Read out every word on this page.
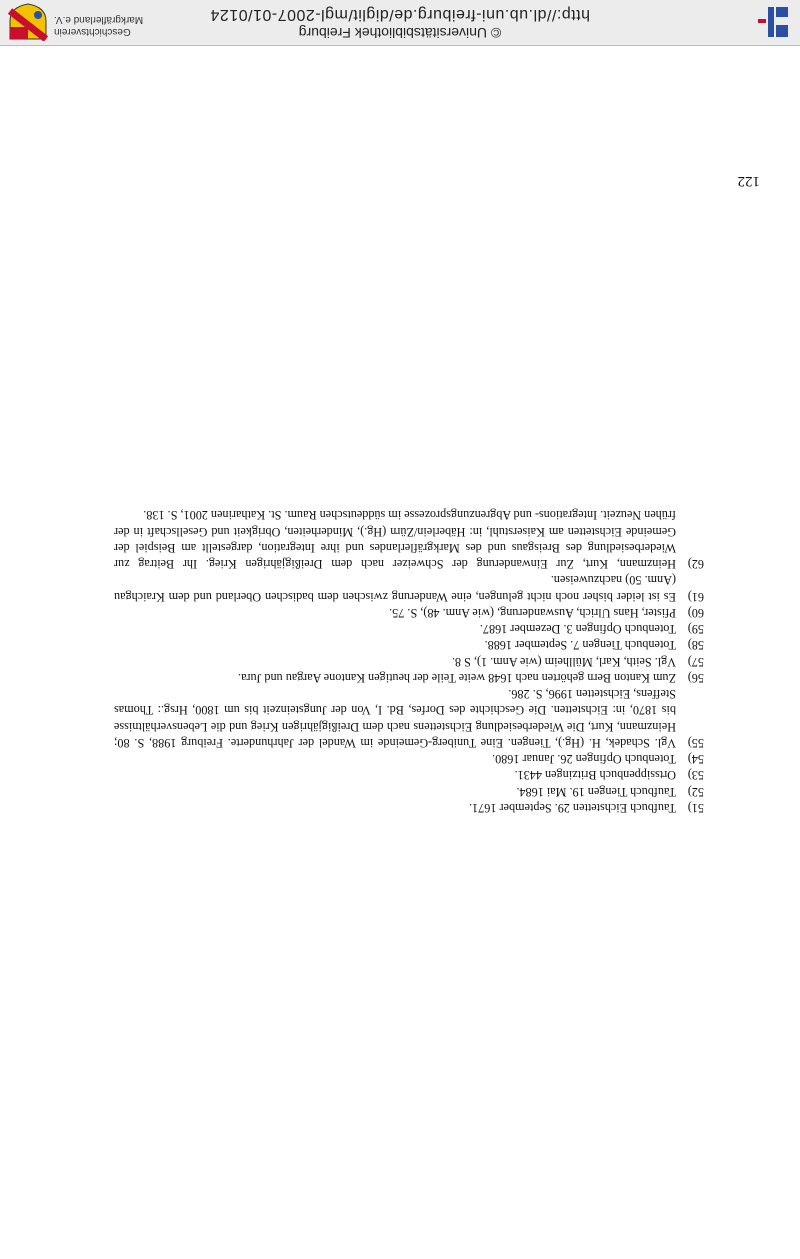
© Universitätsbibliothek Freiburg
http://dl.ub.uni-freiburg.de/diglit/mgl-2007-01/0124
Geschichtsverein
Markgräflerland e.V.
122
51)
Taufbuch Eichstetten 29. September 1671.
52)
Taufbuch Tiengen 19. Mai 1684.
53)
Ortssippenbuch Britzingen 4431.
54)
Totenbuch Opfingen 26. Januar 1680.
55)
Vgl. Schadek, H. (Hg.), Tiengen. Eine Tuniberg-Gemeinde im Wandel der Jahrhunderte. Freiburg 1988, S. 80; Heinzmann, Kurt, Die Wiederbesiedlung Eichstettens nach dem Dreißigjährigen Krieg und die Lebensverhältnisse bis 1870, in: Eichstetten. Die Geschichte des Dorfes, Bd. I, Von der Jungsteinzeit bis um 1800, Hrsg.: Thomas Steffens, Eichstetten 1996, S. 286.
56)
Zum Kanton Bern gehörten nach 1648 weite Teile der heutigen Kantone Aargau und Jura.
57)
Vgl. Seith, Karl, Müllheim (wie Anm. 1), S 8.
58)
Totenbuch Tiengen 7. September 1688.
59)
Totenbuch Opfingen 3. Dezember 1687.
60)
Pfister, Hans Ulrich, Auswanderung, (wie Anm. 48), S. 75.
61)
Es ist leider bisher noch nicht gelungen, eine Wanderung zwischen dem badischen Oberland und dem Kraichgau (Anm. 50) nachzuweisen.
62)
Heinzmann, Kurt, Zur Einwanderung der Schweizer nach dem Dreißigjährigen Krieg. Ihr Beitrag zur Wiederbesiedlung des Breisgaus und des Markgräflerlandes und ihre Integration, dargestellt am Beispiel der Gemeinde Eichstetten am Kaiserstuhl, in: Häberlein/Zürn (Hg.), Minderheiten, Obrigkeit und Gesellschaft in der frühen Neuzeit. Integrations- und Abgrenzungsprozesse im süddeutschen Raum. St. Katharinen 2001, S. 138.
